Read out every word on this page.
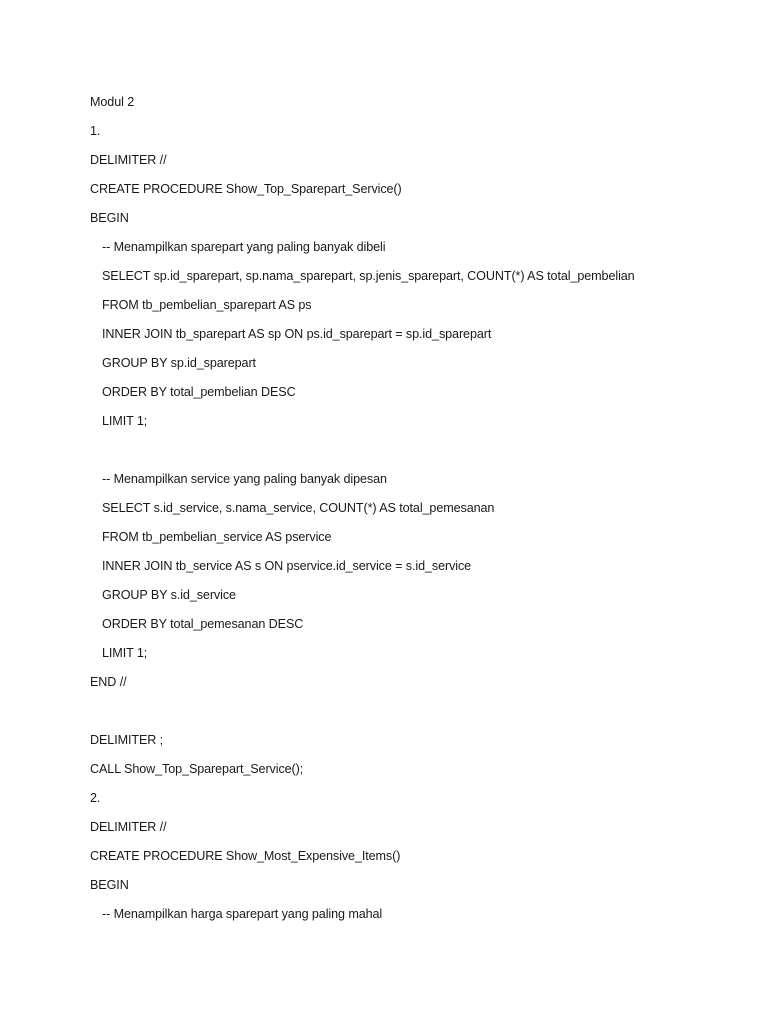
Modul 2
1.
DELIMITER //
CREATE PROCEDURE Show_Top_Sparepart_Service()
BEGIN
-- Menampilkan sparepart yang paling banyak dibeli
SELECT sp.id_sparepart, sp.nama_sparepart, sp.jenis_sparepart, COUNT(*) AS total_pembelian
FROM tb_pembelian_sparepart AS ps
INNER JOIN tb_sparepart AS sp ON ps.id_sparepart = sp.id_sparepart
GROUP BY sp.id_sparepart
ORDER BY total_pembelian DESC
LIMIT 1;
-- Menampilkan service yang paling banyak dipesan
SELECT s.id_service, s.nama_service, COUNT(*) AS total_pemesanan
FROM tb_pembelian_service AS pservice
INNER JOIN tb_service AS s ON pservice.id_service = s.id_service
GROUP BY s.id_service
ORDER BY total_pemesanan DESC
LIMIT 1;
END //
DELIMITER ;
CALL Show_Top_Sparepart_Service();
2.
DELIMITER //
CREATE PROCEDURE Show_Most_Expensive_Items()
BEGIN
-- Menampilkan harga sparepart yang paling mahal
